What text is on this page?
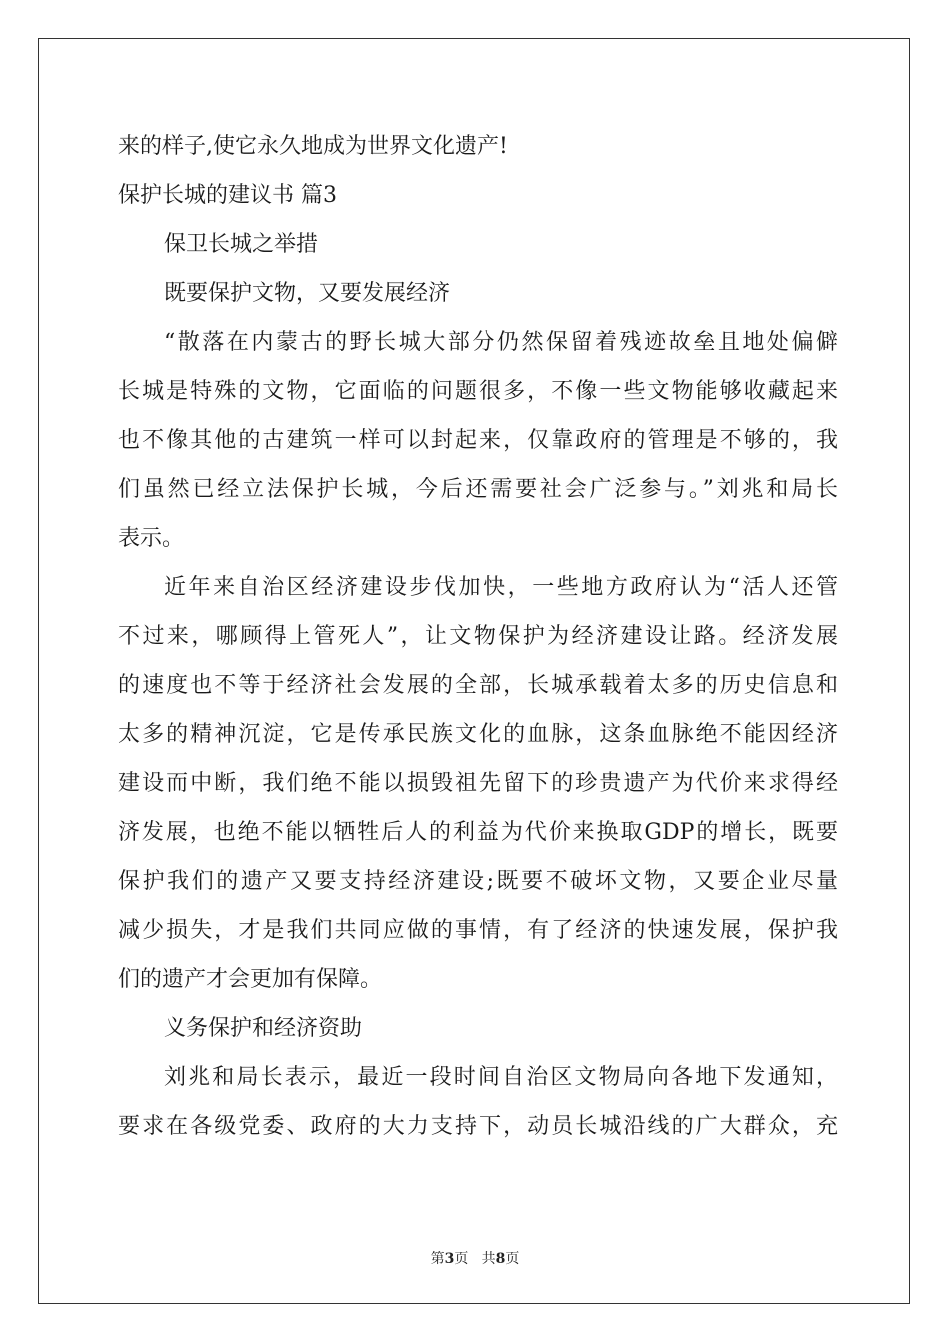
来的样子,使它永久地成为世界文化遗产!
保护长城的建议书 篇3
保卫长城之举措
既要保护文物，又要发展经济
“散落在内蒙古的野长城大部分仍然保留着残迹故垒且地处偏僻
长城是特殊的文物，它面临的问题很多，不像一些文物能够收藏起来
也不像其他的古建筑一样可以封起来，仅靠政府的管理是不够的，我
们虽然已经立法保护长城，今后还需要社会广泛参与。”刘兆和局长
表示。
近年来自治区经济建设步伐加快，一些地方政府认为“活人还管
不过来，哪顾得上管死人”，让文物保护为经济建设让路。经济发展
的速度也不等于经济社会发展的全部，长城承载着太多的历史信息和
太多的精神沉淀，它是传承民族文化的血脉，这条血脉绝不能因经济
建设而中断，我们绝不能以损毁祖先留下的珍贵遗产为代价来求得经
济发展，也绝不能以牺牲后人的利益为代价来换取GDP的增长，既要
保护我们的遗产又要支持经济建设;既要不破坏文物，又要企业尽量
减少损失，才是我们共同应做的事情，有了经济的快速发展，保护我
们的遗产才会更加有保障。
义务保护和经济资助
刘兆和局长表示，最近一段时间自治区文物局向各地下发通知，
要求在各级党委、政府的大力支持下，动员长城沿线的广大群众，充
第3页 共8页
